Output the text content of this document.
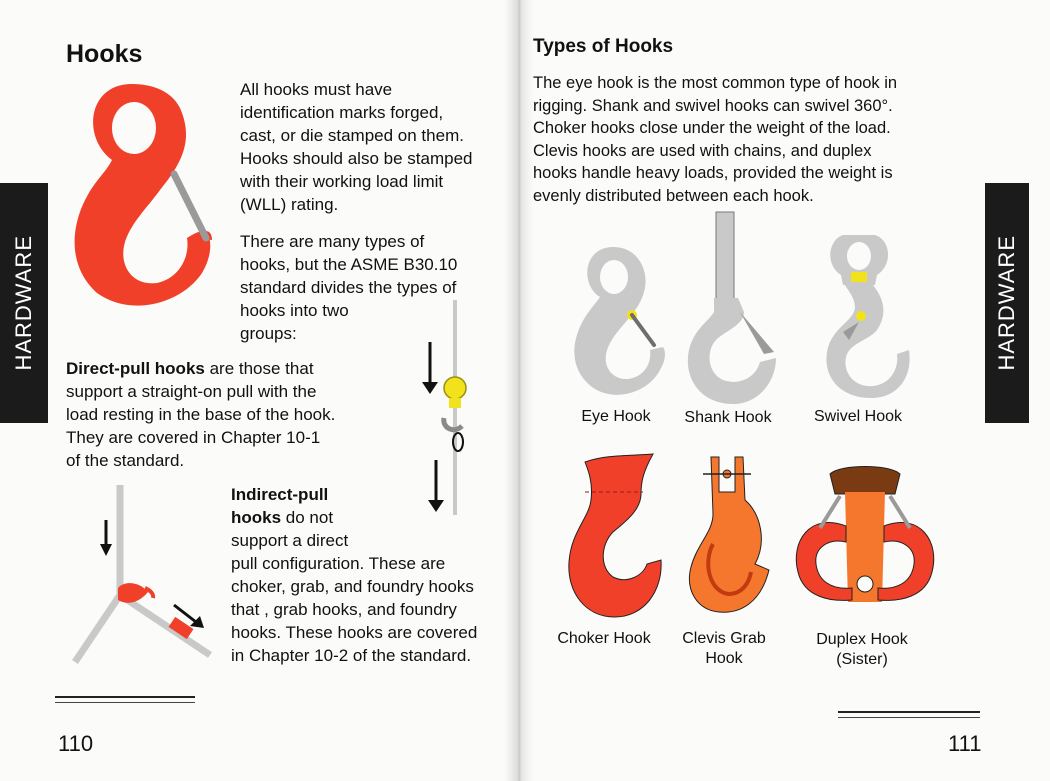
Hooks
All hooks must have
identification marks forged,
cast, or die stamped on them.
Hooks should also be stamped
with their working load limit
(WLL) rating.
There are many types of
hooks, but the ASME B30.10
standard divides the types of
hooks into two
groups:
Direct-pull hooks are those that
support a straight-on pull with the
load resting in the base of the hook.
They are covered in Chapter 10-1
of the standard.
Indirect-pull
hooks do not
support a direct
pull configuration. These are
choker, grab, and foundry hooks
that , grab hooks, and foundry
hooks. These hooks are covered
in Chapter 10-2 of the standard.
110
HARDWARE
Types of Hooks
The eye hook is the most common type of hook in
rigging. Shank and swivel hooks can swivel 360°.
Choker hooks close under the weight of the load.
Clevis hooks are used with chains, and duplex
hooks handle heavy loads, provided the weight is
evenly distributed between each hook.
Eye Hook	Shank Hook	Swivel Hook
Choker Hook	Clevis Grab
Hook
Duplex Hook
(Sister)
111
HARDWARE
